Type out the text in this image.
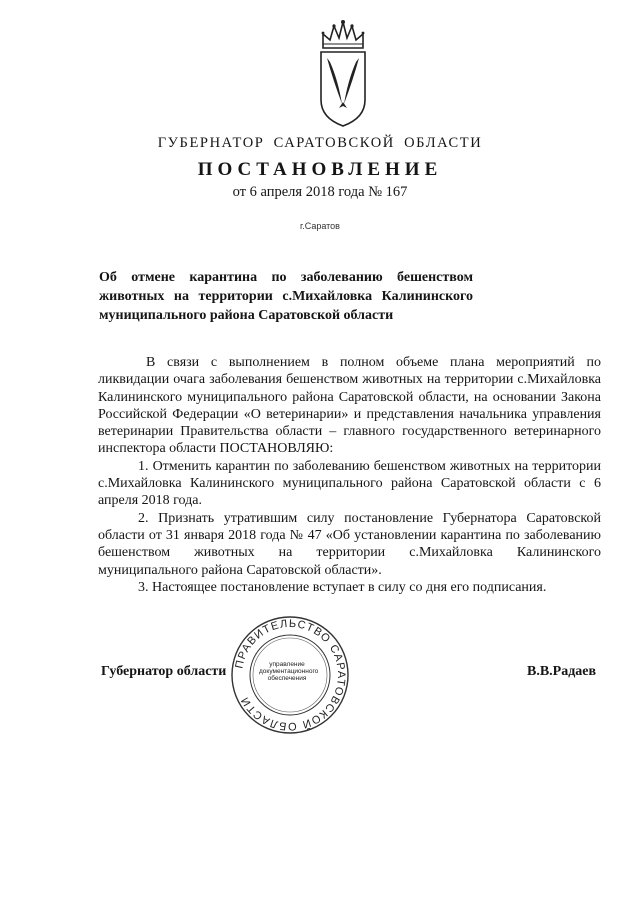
ГУБЕРНАТОР САРАТОВСКОЙ ОБЛАСТИ
ПОСТАНОВЛЕНИЕ
от 6 апреля 2018 года № 167
г.Саратов
Об отмене карантина по заболеванию бешенством
животных на территории с.Михайловка Калининского
муниципального района Саратовской области

В связи с выполнением в полном объеме плана мероприятий по ликвидации очага заболевания бешенством животных на территории с.Михайловка Калининского муниципального района Саратовской области, на основании Закона Российской Федерации «О ветеринарии» и представления начальника управления ветеринарии Правительства области – главного государственного ветеринарного инспектора области ПОСТАНОВЛЯЮ:

1. Отменить карантин по заболеванию бешенством животных на территории с.Михайловка Калининского муниципального района Саратовской области с 6 апреля 2018 года.

2. Признать утратившим силу постановление Губернатора Саратовской области от 31 января 2018 года № 47 «Об установлении карантина по заболеванию бешенством животных на территории с.Михайловка Калининского муниципального района Саратовской области».

3. Настоящее постановление вступает в силу со дня его подписания.

Губернатор области	В.В.Радаев
ПРАВИТЕЛЬСТВО САРАТОВСКОЙ ОБЛАСТИ
управление документационного обеспечения
